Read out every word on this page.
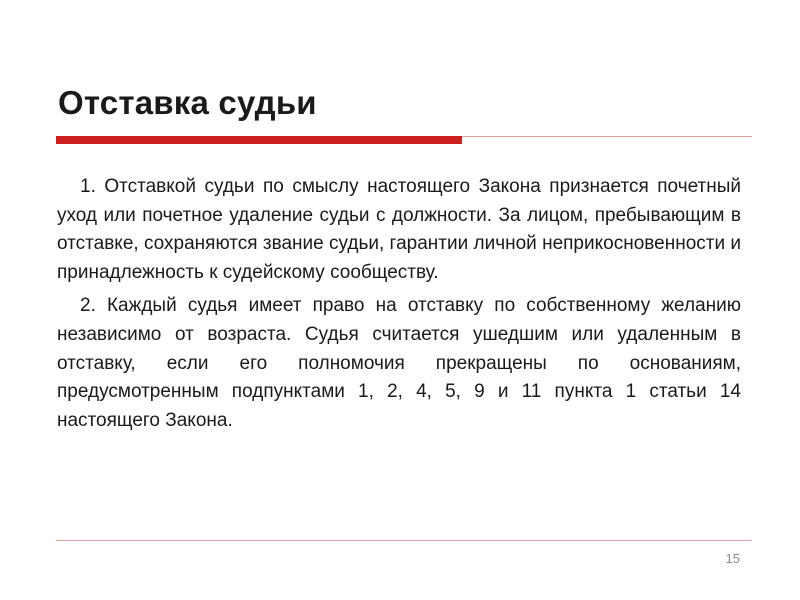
Отставка судьи

1. Отставкой судьи по смыслу настоящего Закона признается почетный уход или почетное удаление судьи с должности. За лицом, пребывающим в отставке, сохраняются звание судьи, гарантии личной неприкосновенности и принадлежность к судейскому сообществу.

2. Каждый судья имеет право на отставку по собственному желанию независимо от возраста. Судья считается ушедшим или удаленным в отставку, если его полномочия прекращены по основаниям, предусмотренным подпунктами 1, 2, 4, 5, 9 и 11 пункта 1 статьи 14 настоящего Закона.

15
